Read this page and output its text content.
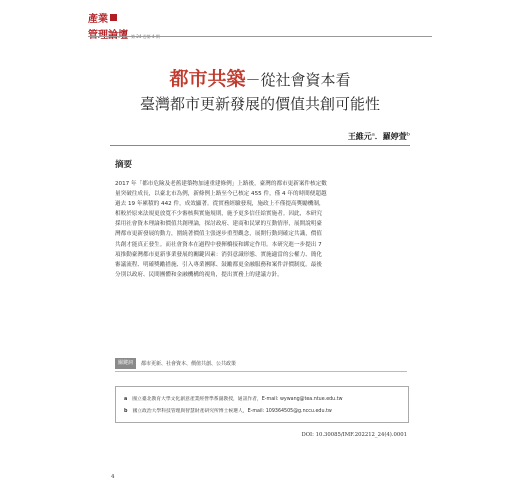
產業
管理論壇 第 24 卷第 4 期
都市共築－從社會資本看
臺灣都市更新發展的價值共創可能性
王維元$^a$．羅婷萱$^b$
摘要
2017 年「都市危險及老舊建築物加速重建條例」上路後，臺灣的都市更新案件核定數
量突破往成長，以臺北市為例，新條例上路至今已核定 455 件，僅 4 年的時間便超越
過去 19 年累積的 442 件，成效顯著。從實務經驗發現，施政上不僅提高獎勵機制，
相較於原來法規更放寬不少審核與實施規則，施予更多信任給實施者。因此，本研究
採用社會資本理論和價值共創理論，探討政府、建商和民眾的互動情形，展開說明臺
灣都市更新發展的動力，圍繞著價值主張逐步重塑觀念，展開行動到確定共識，價值
共創才能真正發生。而社會資本在過程中發揮橋接和綁定作用。本研究進一步提出 7
項推動臺灣都市更新事業發展的關鍵因素：消弭意識形態、實施適當的公權力、簡化
審議流程、明確獎勵措施、引入專業團隊、鼓勵都更金融服務和案件評價制度。最後
分別以政府、民間團體和金融機構的視角，提出實務上的建議方針。
關鍵詞	都市更新、社會資本、價值共創、公共政策
a 國立臺北教育大學文化創意產業經營學系副教授，通訊作者，E-mail: wywang@tea.ntue.edu.tw
b 國立政治大學科技管理與智慧財產研究所博士候選人，E-mail: 109364505@g.nccu.edu.tw
DOI: 10.30085/IMF.202212_24(4).0001
4
